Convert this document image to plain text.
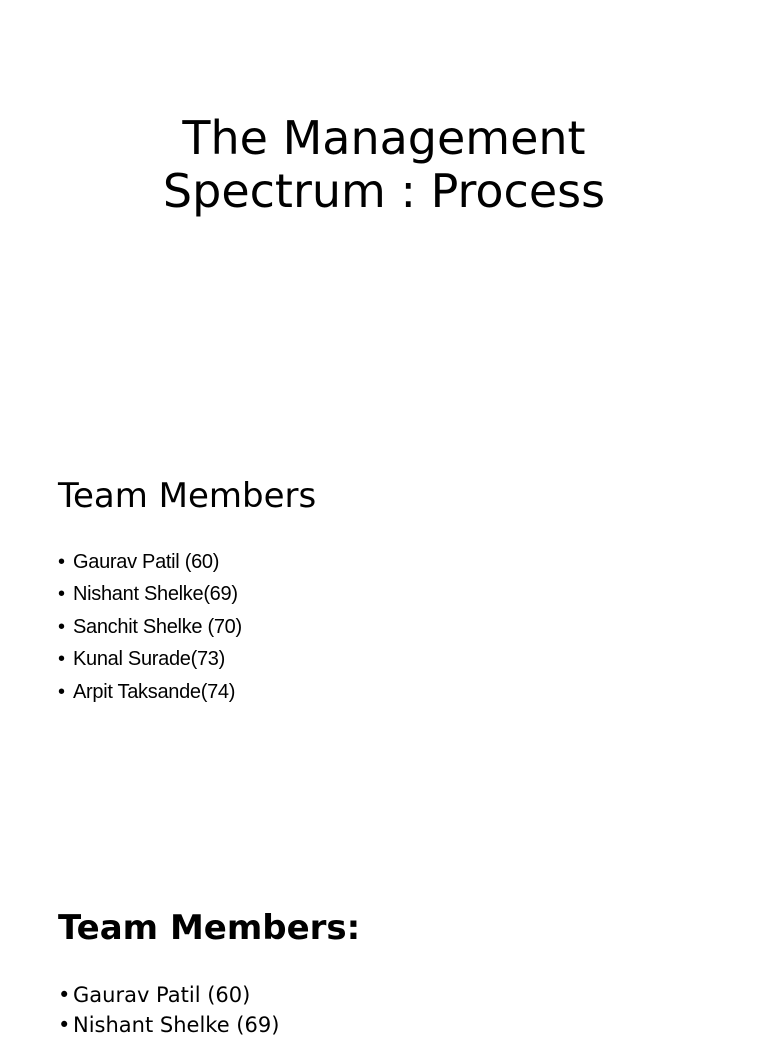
The Management
Spectrum : Process
Team Members
• Gaurav Patil (60)
• Nishant Shelke(69)
• Sanchit Shelke (70)
• Kunal Surade(73)
• Arpit Taksande(74)
Team Members:
• Gaurav Patil (60)
• Nishant Shelke (69)
